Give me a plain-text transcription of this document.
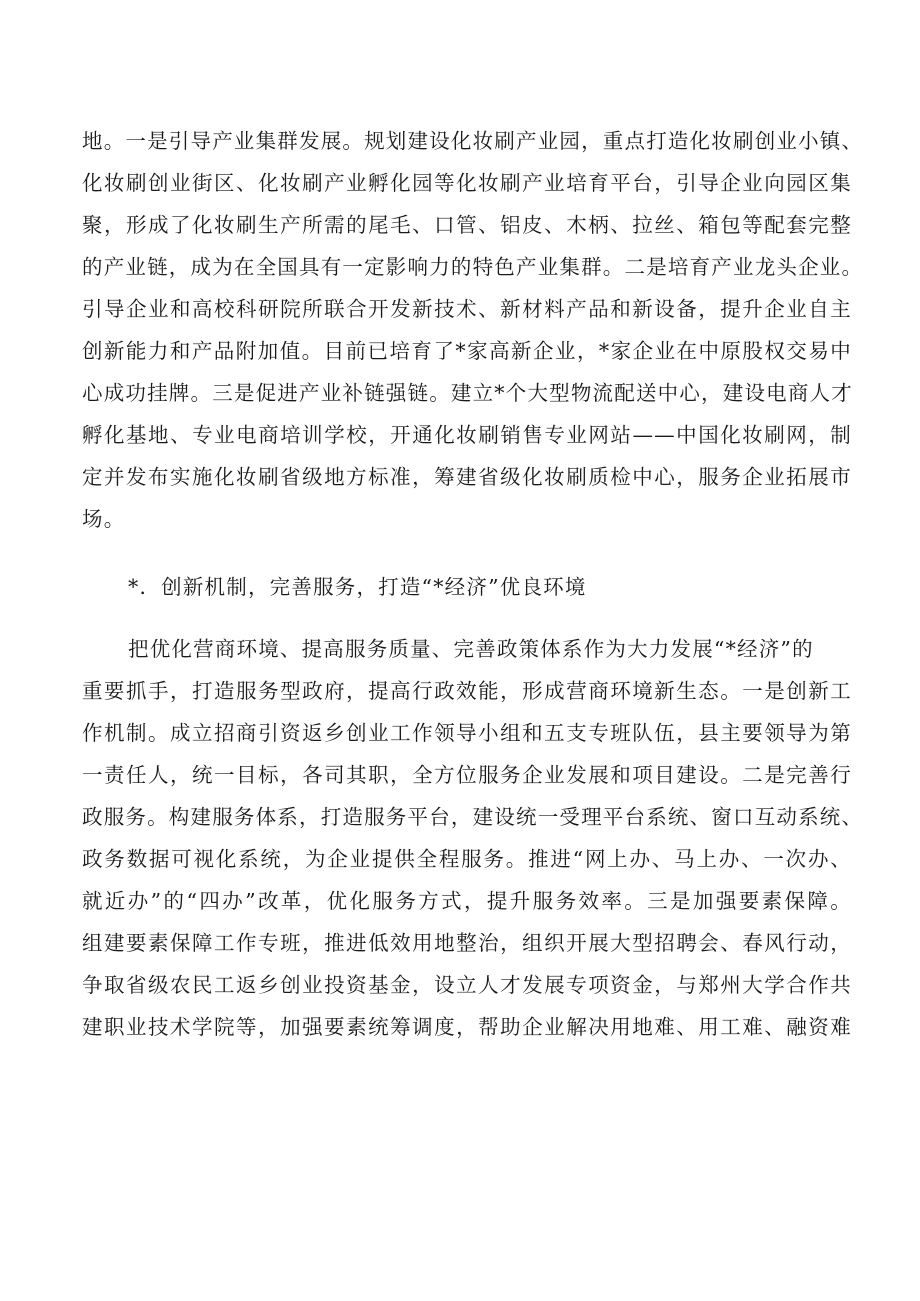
地。一是引导产业集群发展。规划建设化妆刷产业园，重点打造化妆刷创业小镇、
化妆刷创业街区、化妆刷产业孵化园等化妆刷产业培育平台，引导企业向园区集
聚，形成了化妆刷生产所需的尾毛、口管、铝皮、木柄、拉丝、箱包等配套完整
的产业链，成为在全国具有一定影响力的特色产业集群。二是培育产业龙头企业。
引导企业和高校科研院所联合开发新技术、新材料产品和新设备，提升企业自主
创新能力和产品附加值。目前已培育了*家高新企业，*家企业在中原股权交易中
心成功挂牌。三是促进产业补链强链。建立*个大型物流配送中心，建设电商人才
孵化基地、专业电商培训学校，开通化妆刷销售专业网站——中国化妆刷网，制
定并发布实施化妆刷省级地方标准，筹建省级化妆刷质检中心，服务企业拓展市
场。
*．创新机制，完善服务，打造“*经济”优良环境
把优化营商环境、提高服务质量、完善政策体系作为大力发展“*经济”的
重要抓手，打造服务型政府，提高行政效能，形成营商环境新生态。一是创新工
作机制。成立招商引资返乡创业工作领导小组和五支专班队伍，县主要领导为第
一责任人，统一目标，各司其职，全方位服务企业发展和项目建设。二是完善行
政服务。构建服务体系，打造服务平台，建设统一受理平台系统、窗口互动系统、
政务数据可视化系统，为企业提供全程服务。推进“网上办、马上办、一次办、
就近办”的“四办”改革，优化服务方式，提升服务效率。三是加强要素保障。
组建要素保障工作专班，推进低效用地整治，组织开展大型招聘会、春风行动，
争取省级农民工返乡创业投资基金，设立人才发展专项资金，与郑州大学合作共
建职业技术学院等，加强要素统筹调度，帮助企业解决用地难、用工难、融资难
